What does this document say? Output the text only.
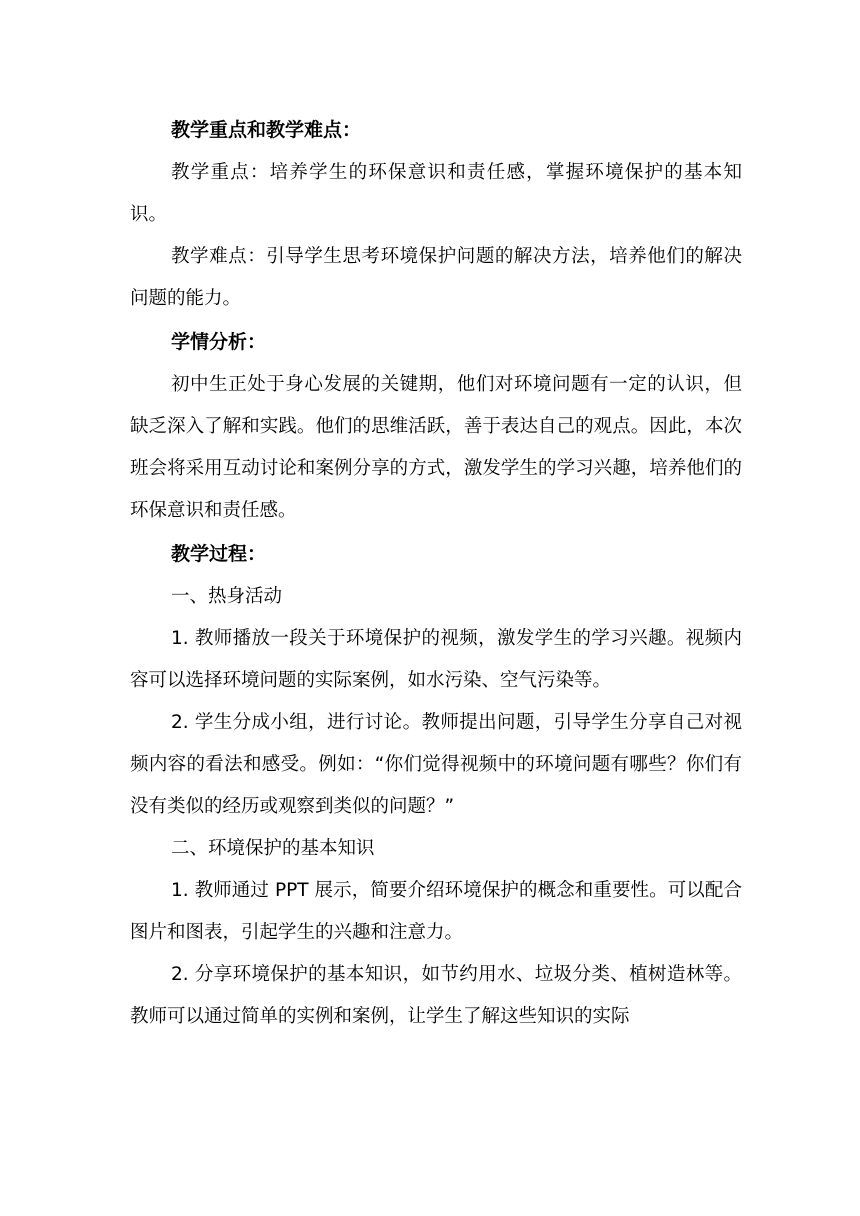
教学重点和教学难点：

教学重点：培养学生的环保意识和责任感，掌握环境保护的基本知识。

教学难点：引导学生思考环境保护问题的解决方法，培养他们的解决问题的能力。

学情分析：

初中生正处于身心发展的关键期，他们对环境问题有一定的认识，但缺乏深入了解和实践。他们的思维活跃，善于表达自己的观点。因此，本次班会将采用互动讨论和案例分享的方式，激发学生的学习兴趣，培养他们的环保意识和责任感。

教学过程：

一、热身活动

1. 教师播放一段关于环境保护的视频，激发学生的学习兴趣。视频内容可以选择环境问题的实际案例，如水污染、空气污染等。

2. 学生分成小组，进行讨论。教师提出问题，引导学生分享自己对视频内容的看法和感受。例如：“你们觉得视频中的环境问题有哪些？你们有没有类似的经历或观察到类似的问题？”

二、环境保护的基本知识

1. 教师通过 PPT 展示，简要介绍环境保护的概念和重要性。可以配合图片和图表，引起学生的兴趣和注意力。

2. 分享环境保护的基本知识，如节约用水、垃圾分类、植树造林等。教师可以通过简单的实例和案例，让学生了解这些知识的实际
